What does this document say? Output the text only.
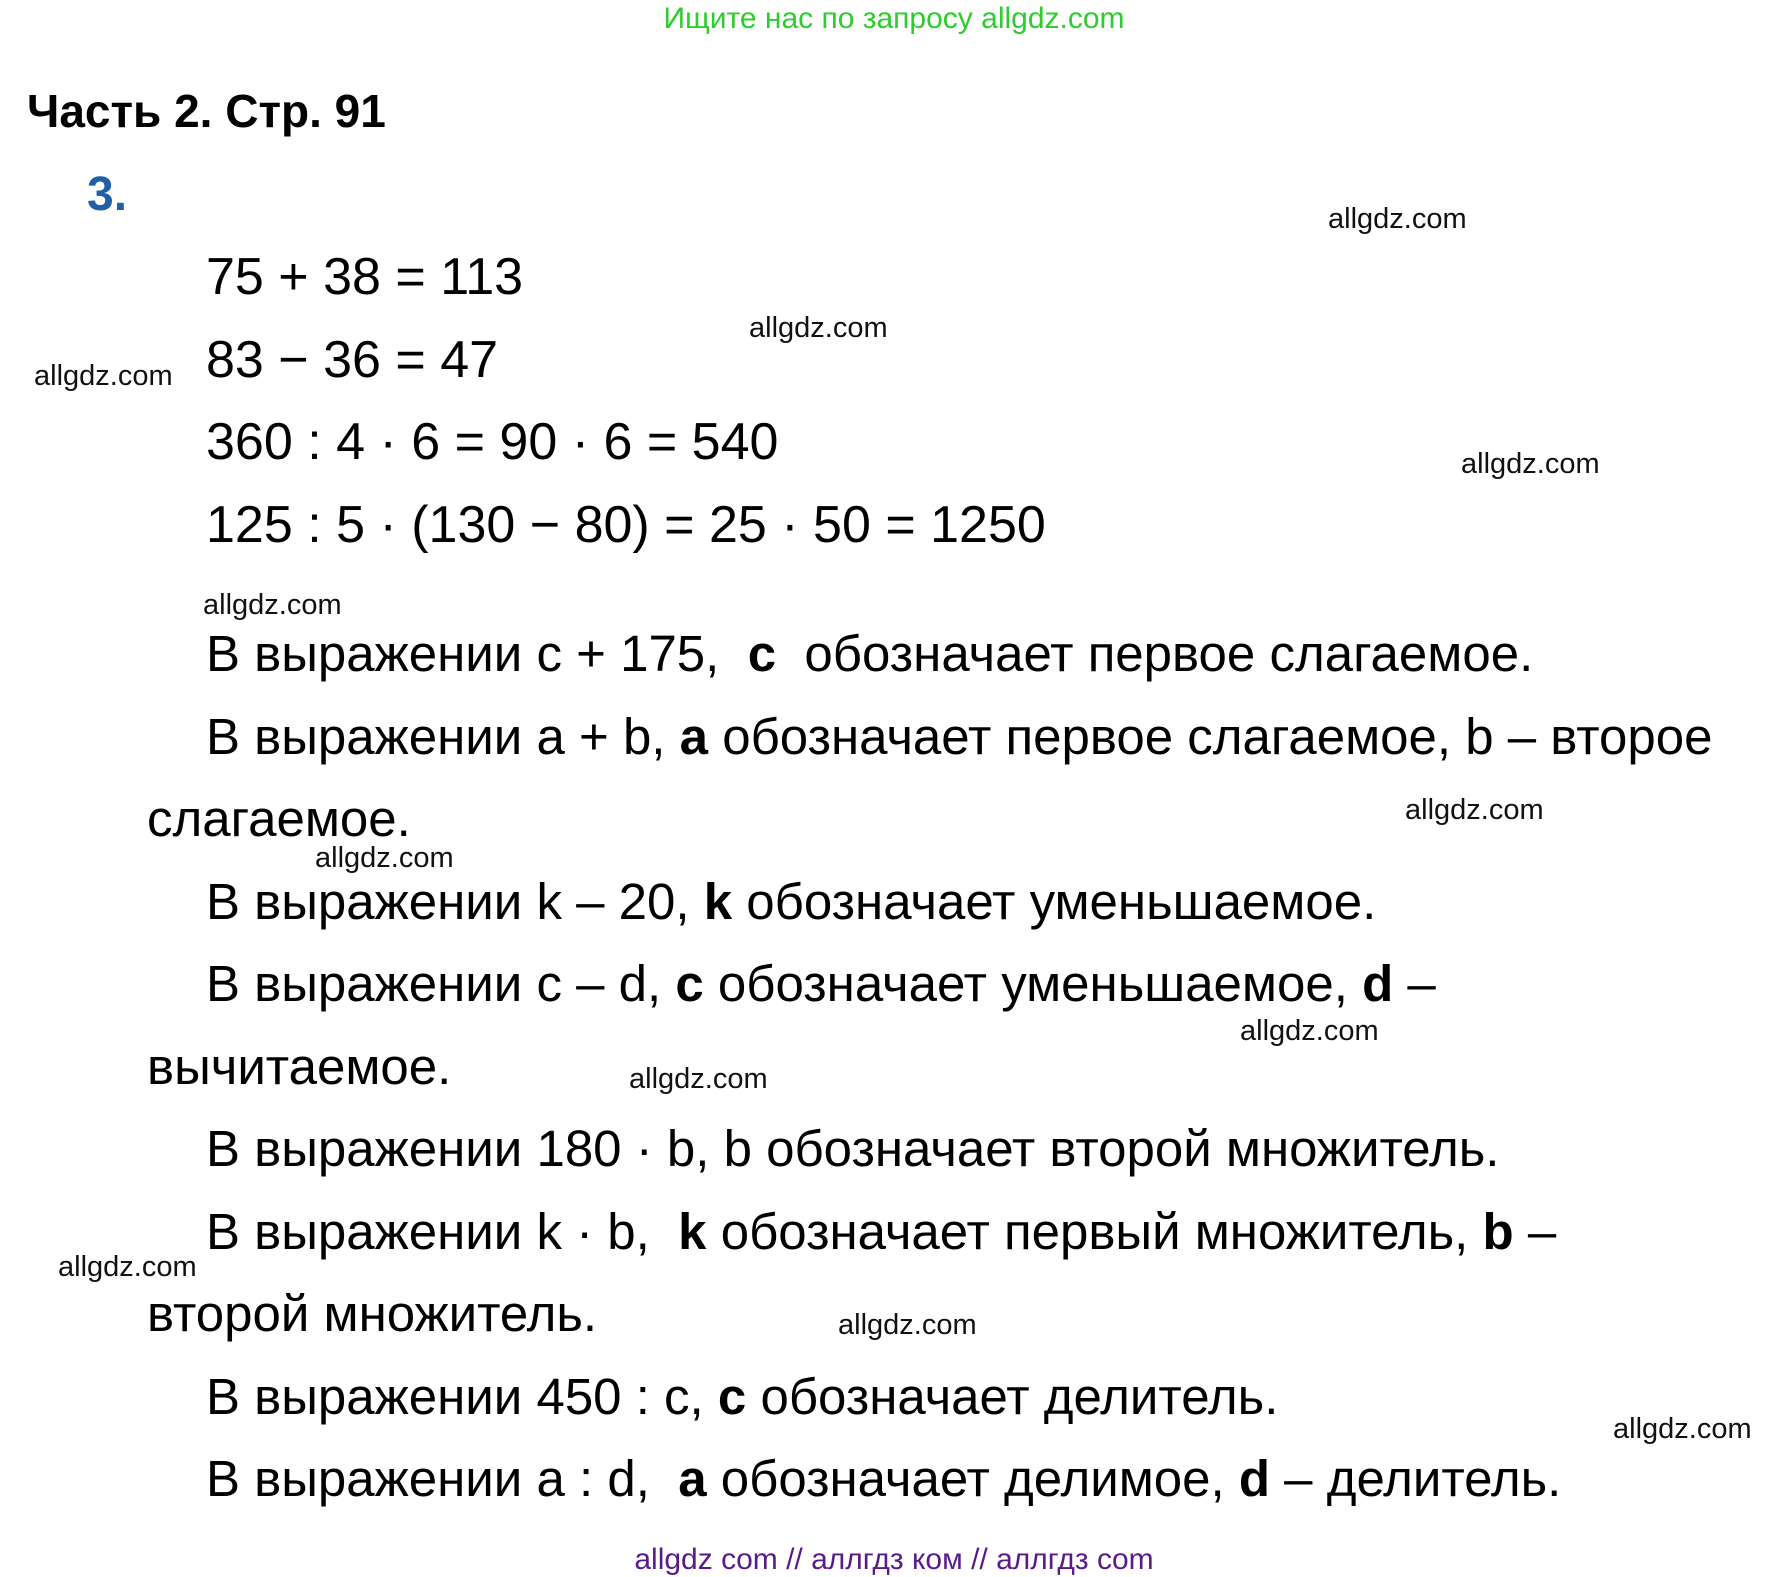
Ищите нас по запросу allgdz.com
Часть 2. Стр. 91
3.
75 + 38 = 113
83 − 36 = 47
360 : 4 · 6 = 90 · 6 = 540
125 : 5 · (130 − 80) = 25 · 50 = 1250
В выражении c + 175,  c  обозначает первое слагаемое.
В выражении a + b, a обозначает первое слагаемое, b – второе
слагаемое.
В выражении k – 20, k обозначает уменьшаемое.
В выражении c – d, c обозначает уменьшаемое, d –
вычитаемое.
В выражении 180 · b, b обозначает второй множитель.
В выражении k · b,  k обозначает первый множитель, b –
второй множитель.
В выражении 450 : c, c обозначает делитель.
В выражении a : d,  a обозначает делимое, d – делитель.
allgdz.com
allgdz.com
allgdz.com
allgdz.com
allgdz.com
allgdz.com
allgdz.com
allgdz.com
allgdz.com
allgdz.com
allgdz.com
allgdz.com
allgdz com // аллгдз ком // аллгдз com
